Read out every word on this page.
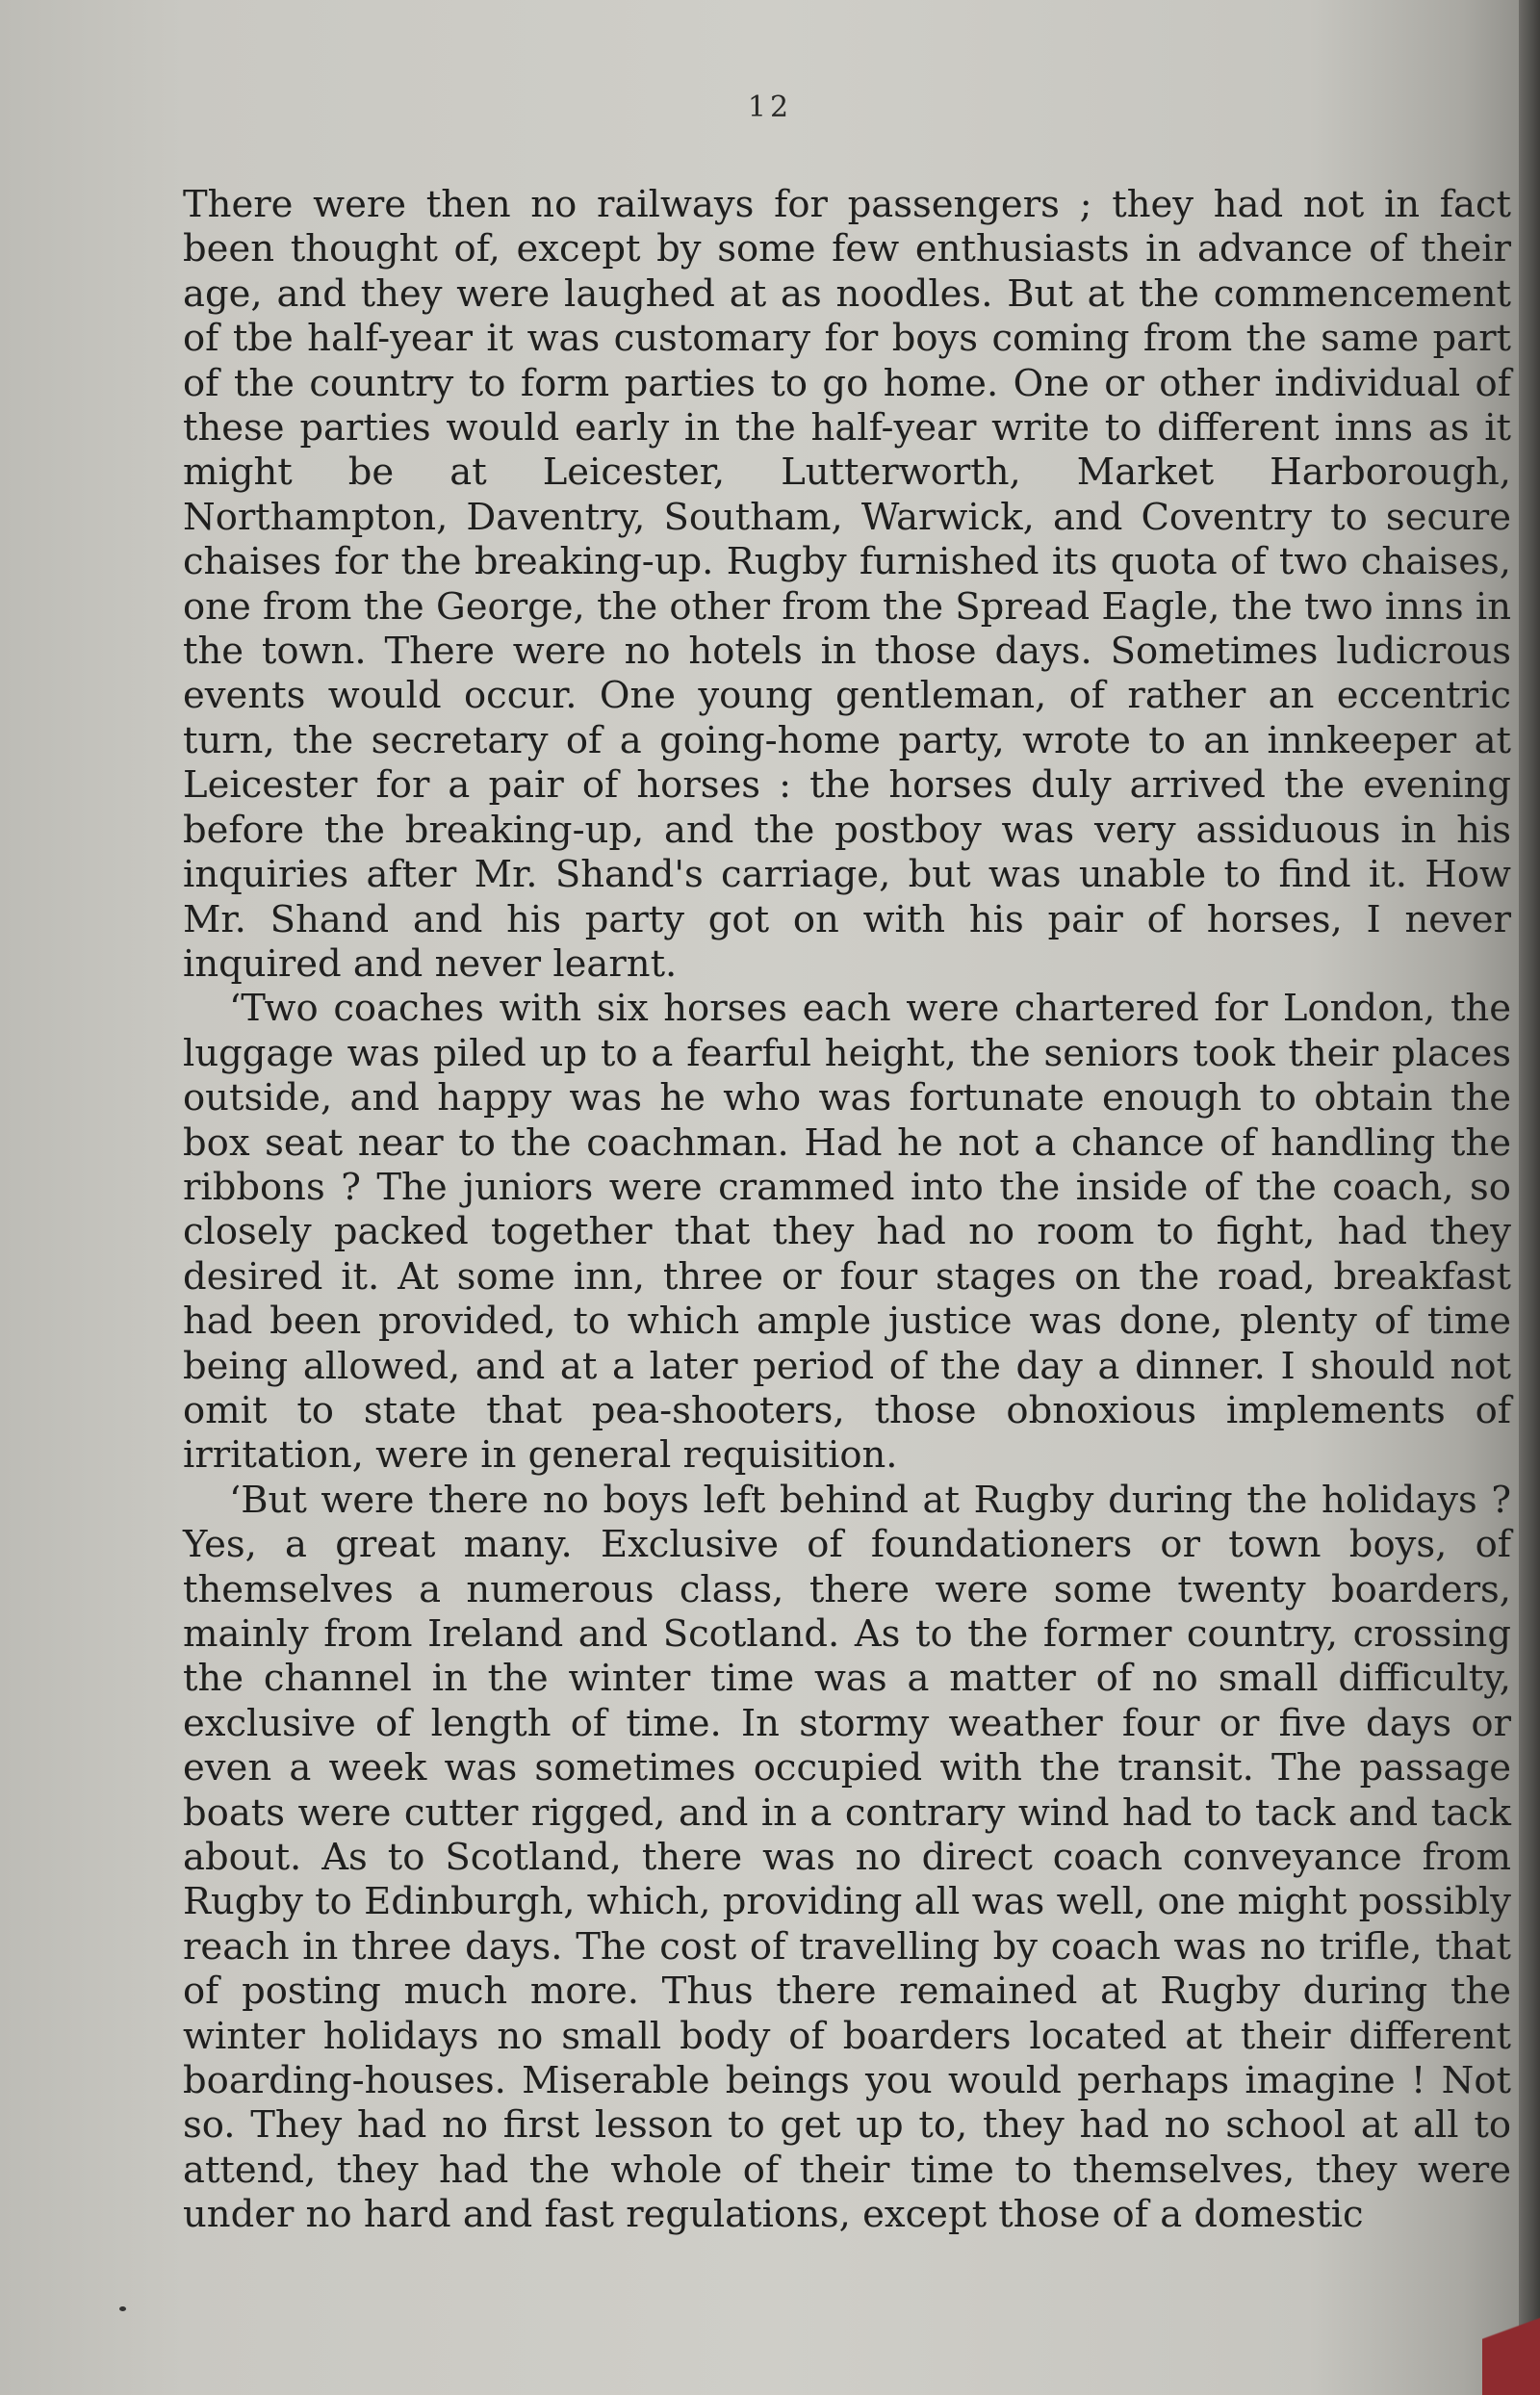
12

There were then no railways for passengers ; they had not in fact been thought of, except by some few enthusiasts in advance of their age, and they were laughed at as noodles. But at the commencement of tbe half-year it was customary for boys coming from the same part of the country to form parties to go home. One or other individual of these parties would early in the half-year write to different inns as it might be at Leicester, Lutterworth, Market Harborough, Northampton, Daventry, Southam, Warwick, and Coventry to secure chaises for the breaking-up. Rugby furnished its quota of two chaises, one from the George, the other from the Spread Eagle, the two inns in the town. There were no hotels in those days. Sometimes ludicrous events would occur. One young gentleman, of rather an eccentric turn, the secretary of a going-home party, wrote to an innkeeper at Leicester for a pair of horses : the horses duly arrived the evening before the breaking-up, and the postboy was very assiduous in his inquiries after Mr. Shand's carriage, but was unable to find it. How Mr. Shand and his party got on with his pair of horses, I never inquired and never learnt.

‘Two coaches with six horses each were chartered for London, the luggage was piled up to a fearful height, the seniors took their places outside, and happy was he who was fortunate enough to obtain the box seat near to the coachman. Had he not a chance of handling the ribbons ? The juniors were crammed into the inside of the coach, so closely packed together that they had no room to fight, had they desired it. At some inn, three or four stages on the road, breakfast had been provided, to which ample justice was done, plenty of time being allowed, and at a later period of the day a dinner. I should not omit to state that pea-shooters, those obnoxious implements of irritation, were in general requisition.

‘But were there no boys left behind at Rugby during the holidays ? Yes, a great many. Exclusive of foundationers or town boys, of themselves a numerous class, there were some twenty boarders, mainly from Ireland and Scotland. As to the former country, crossing the channel in the winter time was a matter of no small difficulty, exclusive of length of time. In stormy weather four or five days or even a week was sometimes occupied with the transit. The passage boats were cutter rigged, and in a contrary wind had to tack and tack about. As to Scotland, there was no direct coach conveyance from Rugby to Edinburgh, which, providing all was well, one might possibly reach in three days. The cost of travelling by coach was no trifle, that of posting much more. Thus there remained at Rugby during the winter holidays no small body of boarders located at their different boarding-houses. Miserable beings you would perhaps imagine ! Not so. They had no first lesson to get up to, they had no school at all to attend, they had the whole of their time to themselves, they were under no hard and fast regulations, except those of a domestic
